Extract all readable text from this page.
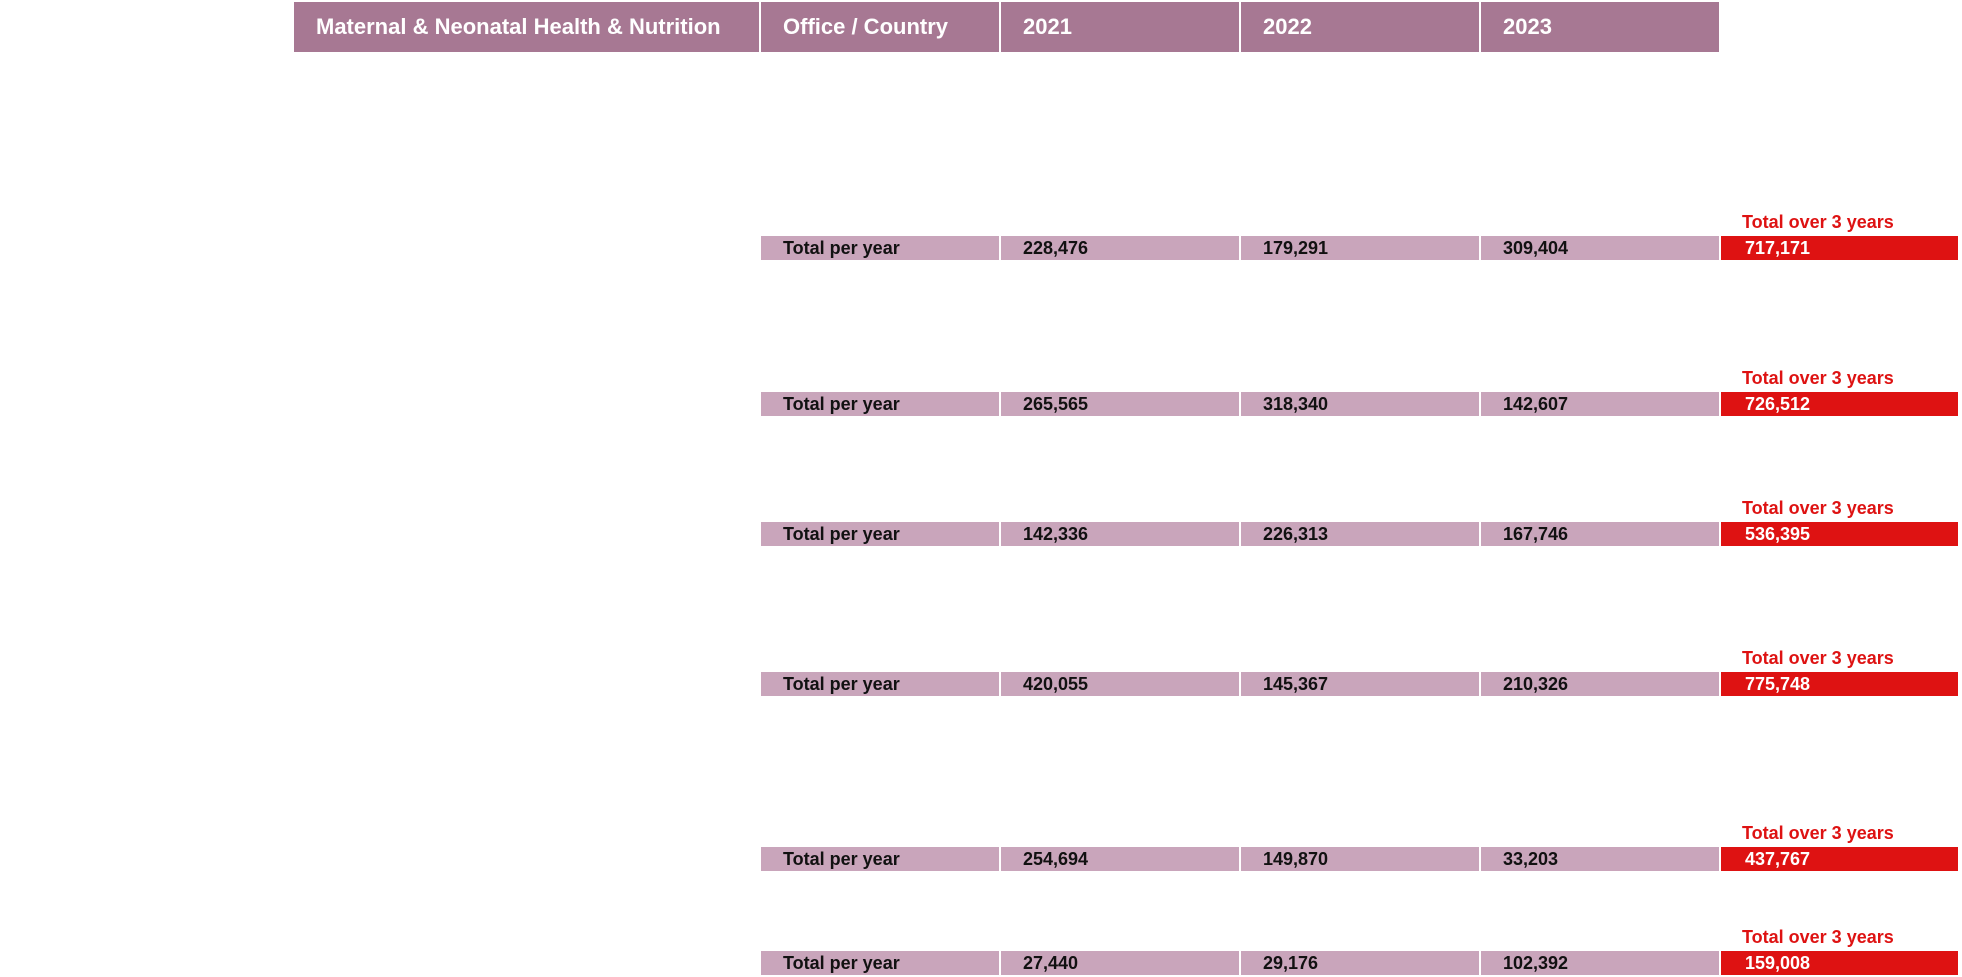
Maternal & Neonatal Health & Nutrition	Office / Country	2021	2022	2023
Total over 3 years
Total per year	228,476	179,291	309,404	717,171
Total over 3 years
Total per year	265,565	318,340	142,607	726,512
Total over 3 years
Total per year	142,336	226,313	167,746	536,395
Total over 3 years
Total per year	420,055	145,367	210,326	775,748
Total over 3 years
Total per year	254,694	149,870	33,203	437,767
Total over 3 years
Total per year	27,440	29,176	102,392	159,008
